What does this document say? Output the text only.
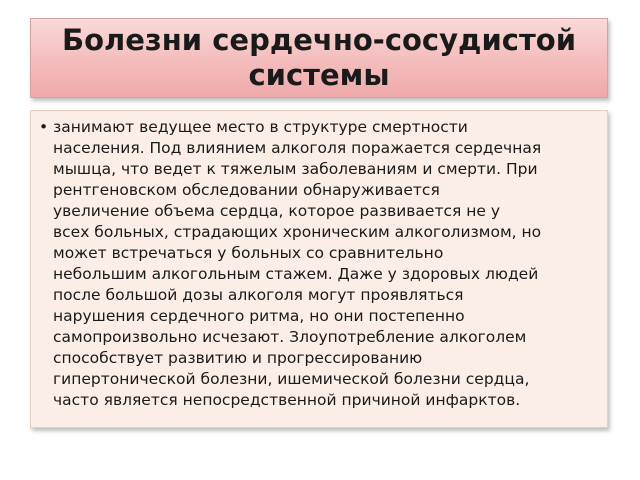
Болезни сердечно-сосудистой системы
• занимают ведущее место в структуре смертности
населения. Под влиянием алкоголя поражается сердечная
мышца, что ведет к тяжелым заболеваниям и смерти. При
рентгеновском обследовании обнаруживается
увеличение объема сердца, которое развивается не у
всех больных, страдающих хроническим алкоголизмом, но
может встречаться у больных со сравнительно
небольшим алкогольным стажем. Даже у здоровых людей
после большой дозы алкоголя могут проявляться
нарушения сердечного ритма, но они постепенно
самопроизвольно исчезают. Злоупотребление алкоголем
способствует развитию и прогрессированию
гипертонической болезни, ишемической болезни сердца,
часто является непосредственной причиной инфарктов.
